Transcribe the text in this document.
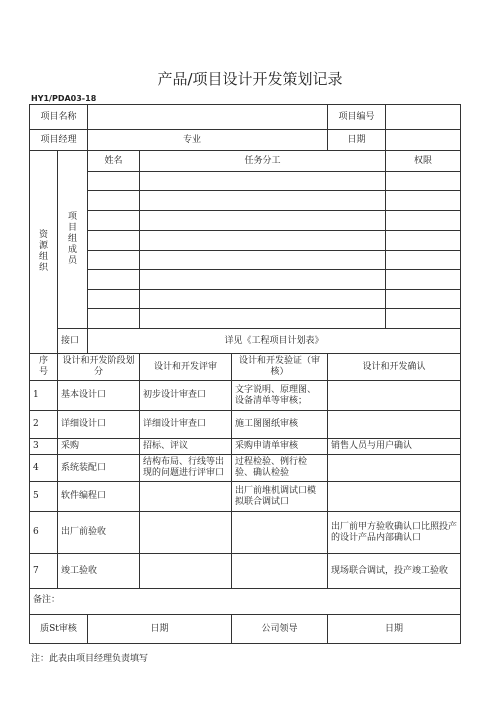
产品/项目设计开发策划记录
HY1/PDA03-18
项目名称					项目编号	
项目经理		专业			日期	
资
源
组
织	项
目
组
成
员	姓名	任务分工			权限

	接口	详见《工程项目计划表》				
序
号	设计和开发阶段划分		设计和开发评审	设计和开发验证（审核）	设计和开发确认	
1	基本设计口		初步设计审查口	文字说明、原理图、设备清单等审核；		
2	详细设计口		详细设计审查口	施工图图纸审核		
3	采购		招标、评议	采购申请单审核	销售人员与用户确认	
4	系统装配口		结构布局、行线等出现的问题进行评审口	过程检验、例行检验、确认检验		
5	软件编程口			出厂前堆机调试口模拟联合调试口		
6	出厂前验收				出厂前甲方验收确认口比照投产的设计产品内部确认口	
7	竣工验收				现场联合调试，投产竣工验收	
备注：						
质St审核		日期		公司领导	日期	
注：此表由项目经理负责填写
